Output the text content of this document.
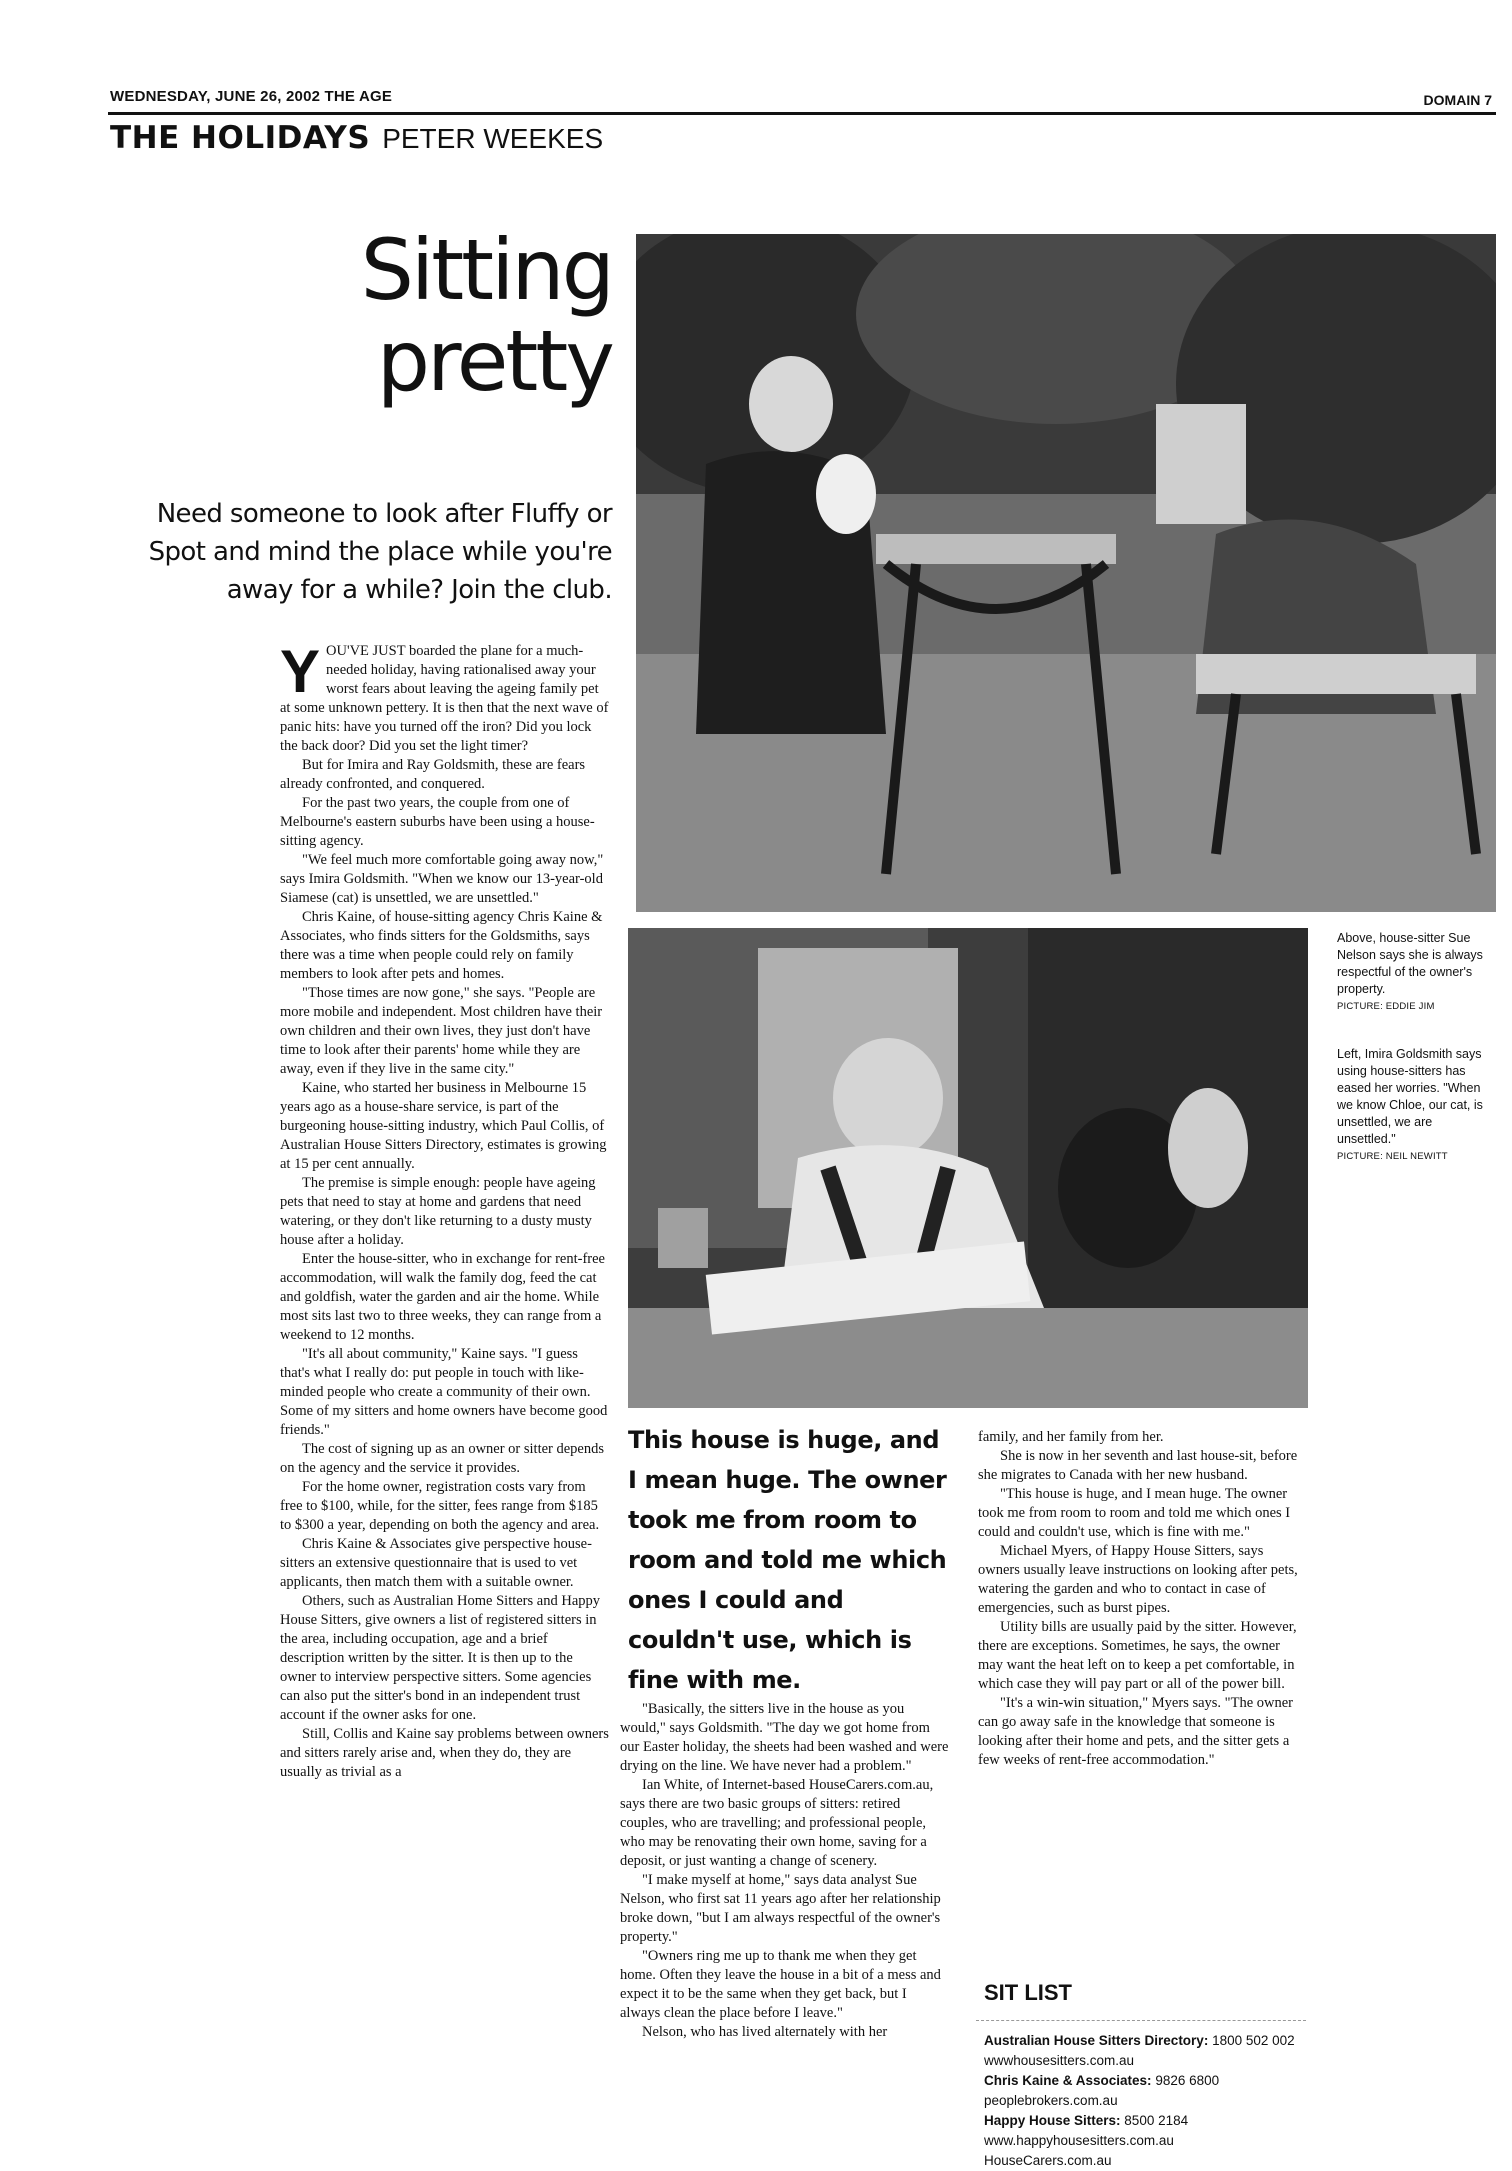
WEDNESDAY, JUNE 26, 2002 THE AGE	DOMAIN 7
THE HOLIDAYS PETER WEEKES
Sitting
pretty
Need someone to look after Fluffy or Spot and mind the place while you're away for a while? Join the club.
Above, house-sitter Sue Nelson says she is always respectful of the owner's property.
PICTURE: EDDIE JIM
Left, Imira Goldsmith says using house-sitters has eased her worries. "When we know Chloe, our cat, is unsettled, we are unsettled."
PICTURE: NEIL NEWITT

YOU'VE JUST boarded the plane for a much-needed holiday, having rationalised away your worst fears about leaving the ageing family pet at some unknown pettery. It is then that the next wave of panic hits: have you turned off the iron? Did you lock the back door? Did you set the light timer?

But for Imira and Ray Goldsmith, these are fears already confronted, and conquered.

For the past two years, the couple from one of Melbourne's eastern suburbs have been using a house-sitting agency.

"We feel much more comfortable going away now," says Imira Goldsmith. "When we know our 13-year-old Siamese (cat) is unsettled, we are unsettled."

Chris Kaine, of house-sitting agency Chris Kaine & Associates, who finds sitters for the Goldsmiths, says there was a time when people could rely on family members to look after pets and homes.

"Those times are now gone," she says. "People are more mobile and independent. Most children have their own children and their own lives, they just don't have time to look after their parents' home while they are away, even if they live in the same city."

Kaine, who started her business in Melbourne 15 years ago as a house-share service, is part of the burgeoning house-sitting industry, which Paul Collis, of Australian House Sitters Directory, estimates is growing at 15 per cent annually.

The premise is simple enough: people have ageing pets that need to stay at home and gardens that need watering, or they don't like returning to a dusty musty house after a holiday.

Enter the house-sitter, who in exchange for rent-free accommodation, will walk the family dog, feed the cat and goldfish, water the garden and air the home. While most sits last two to three weeks, they can range from a weekend to 12 months.

"It's all about community," Kaine says. "I guess that's what I really do: put people in touch with like-minded people who create a community of their own. Some of my sitters and home owners have become good friends."

The cost of signing up as an owner or sitter depends on the agency and the service it provides.

For the home owner, registration costs vary from free to $100, while, for the sitter, fees range from $185 to $300 a year, depending on both the agency and area.

Chris Kaine & Associates give perspective house-sitters an extensive questionnaire that is used to vet applicants, then match them with a suitable owner.

Others, such as Australian Home Sitters and Happy House Sitters, give owners a list of registered sitters in the area, including occupation, age and a brief description written by the sitter. It is then up to the owner to interview perspective sitters. Some agencies can also put the sitter's bond in an independent trust account if the owner asks for one.

Still, Collis and Kaine say problems between owners and sitters rarely arise and, when they do, they are usually as trivial as a

This house is huge, and I mean huge. The owner took me from room to room and told me which ones I could and couldn't use, which is fine with me.

"Basically, the sitters live in the house as you would," says Goldsmith. "The day we got home from our Easter holiday, the sheets had been washed and were drying on the line. We have never had a problem."

Ian White, of Internet-based HouseCarers.com.au, says there are two basic groups of sitters: retired couples, who are travelling; and professional people, who may be renovating their own home, saving for a deposit, or just wanting a change of scenery.

"I make myself at home," says data analyst Sue Nelson, who first sat 11 years ago after her relationship broke down, "but I am always respectful of the owner's property."

"Owners ring me up to thank me when they get home. Often they leave the house in a bit of a mess and expect it to be the same when they get back, but I always clean the place before I leave."

Nelson, who has lived alternately with her

family, and her family from her.

She is now in her seventh and last house-sit, before she migrates to Canada with her new husband.

"This house is huge, and I mean huge. The owner took me from room to room and told me which ones I could and couldn't use, which is fine with me."

Michael Myers, of Happy House Sitters, says owners usually leave instructions on looking after pets, watering the garden and who to contact in case of emergencies, such as burst pipes.

Utility bills are usually paid by the sitter. However, there are exceptions. Sometimes, he says, the owner may want the heat left on to keep a pet comfortable, in which case they will pay part or all of the power bill.

"It's a win-win situation," Myers says. "The owner can go away safe in the knowledge that someone is looking after their home and pets, and the sitter gets a few weeks of rent-free accommodation."

SIT LIST
Australian House Sitters Directory: 1800 502 002 wwwhousesitters.com.au
Chris Kaine & Associates: 9826 6800
peoplebrokers.com.au
Happy House Sitters: 8500 2184
www.happyhousesitters.com.au
HouseCarers.com.au
